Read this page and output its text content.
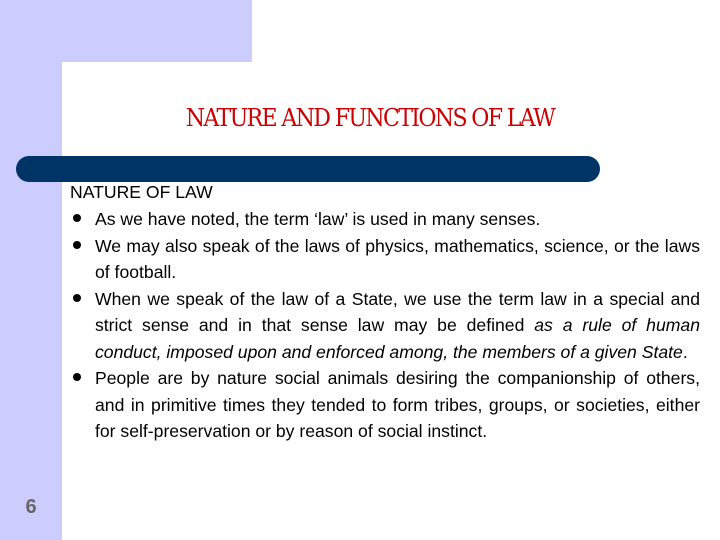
NATURE AND FUNCTIONS OF LAW
NATURE OF LAW
As we have noted, the term ‘law’ is used in many senses.
We may also speak of the laws of physics, mathematics, science, or the laws of football.
When we speak of the law of a State, we use the term law in a special and strict sense and in that sense law may be defined as a rule of human conduct, imposed upon and enforced among, the members of a given State.
People are by nature social animals desiring the companionship of others, and in primitive times they tended to form tribes, groups, or societies, either for self-preservation or by reason of social instinct.
6
